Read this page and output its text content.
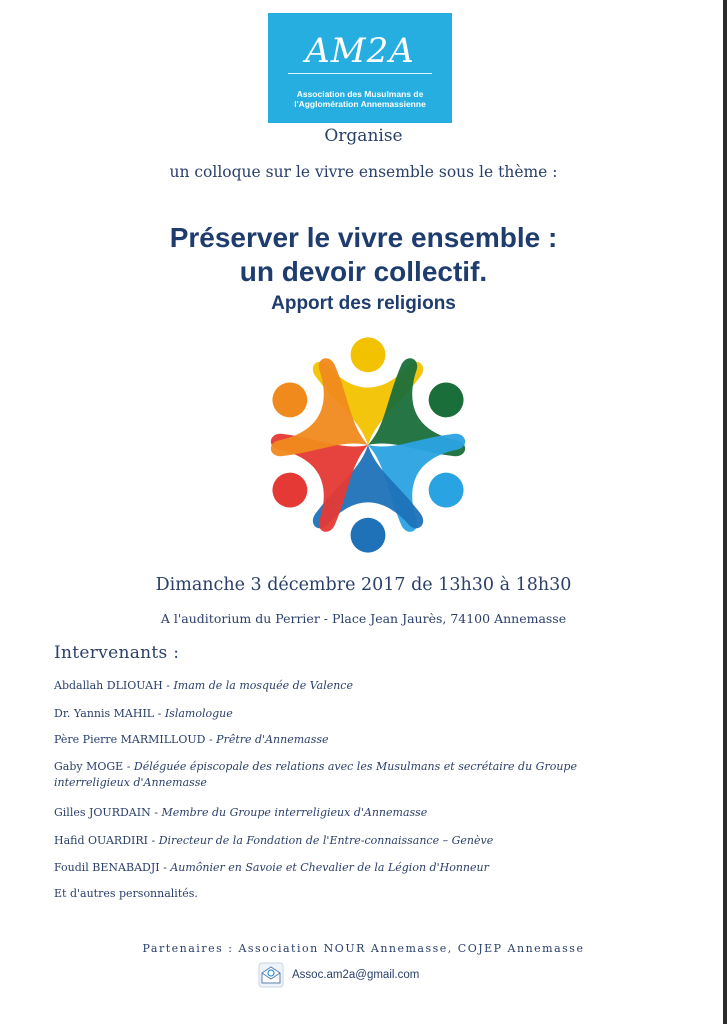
AM2A
Association des Musulmans de
l'Agglomération Annemassienne
Organise
un colloque sur le vivre ensemble sous le thème :
Préserver le vivre ensemble :
un devoir collectif.
Apport des religions
Dimanche 3 décembre 2017 de 13h30 à 18h30
A l'auditorium du Perrier - Place Jean Jaurès, 74100 Annemasse
Intervenants :
Abdallah DLIOUAH - Imam de la mosquée de Valence
Dr. Yannis MAHIL - Islamologue
Père Pierre MARMILLOUD - Prêtre d'Annemasse
Gaby MOGE - Déléguée épiscopale des relations avec les Musulmans et secrétaire du Groupe interreligieux d'Annemasse
Gilles JOURDAIN - Membre du Groupe interreligieux d'Annemasse
Hafid OUARDIRI - Directeur de la Fondation de l'Entre-connaissance – Genève
Foudil BENABADJI - Aumônier en Savoie et Chevalier de la Légion d'Honneur
Et d'autres personnalités.
Partenaires : Association NOUR Annemasse, COJEP Annemasse
Assoc.am2a@gmail.com
